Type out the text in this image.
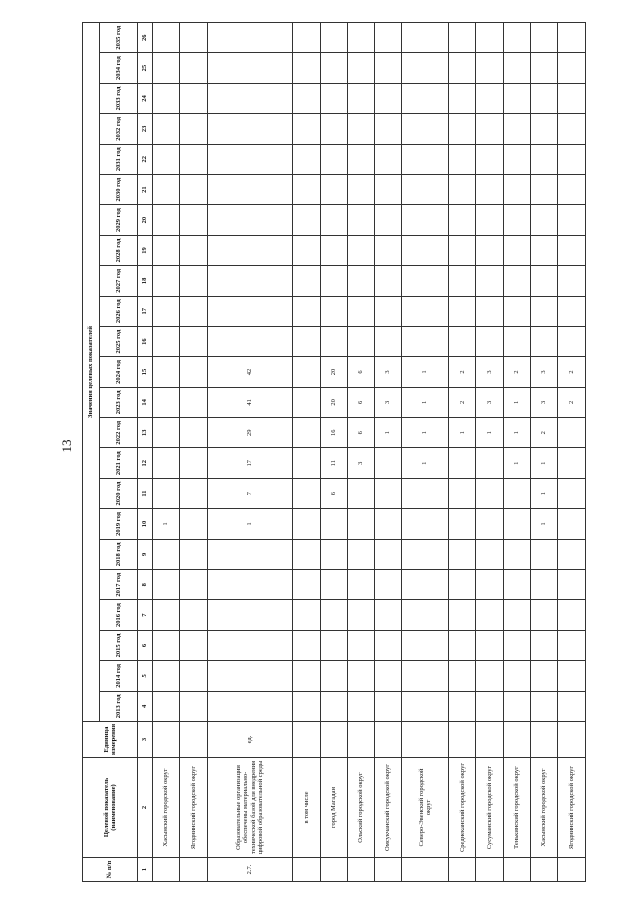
13
№ п/п	Целевой показатель (наименование)	Единица измерения	Значения целевых показателей																						
			2013 год	2014 год	2015 год	2016 год	2017 год	2018 год	2019 год	2020 год	2021 год	2022 год	2023 год	2024 год	2025 год	2026 год	2027 год	2028 год	2029 год	2030 год	2031 год	2032 год	2033 год	2034 год	2035 год
1	2	3	4	5	6	7	8	9	10	11	12	13	14	15	16	17	18	19	20	21	22	23	24	25	26
	Хасынский городской округ								1																
	Ягоднинский городской округ																								
2.7.	Образовательные организации обеспечены материально-технической базой для внедрения цифровой образовательной среды	ед.							1	7	17	29	41	42											
	в том числе																								
	город Магадан									6	11	16	20	20											
	Ольский городской округ										3	6	6	6											
	Омсукчанский городской округ											1	3	3											
	Северо-Эвенский городской округ										1	1	1	1											
	Среднеканский городской округ											1	2	2											
	Сусуманский городской округ											1	3	3											
	Тенькинский городской округ										1	1	1	2											
	Хасынский городской округ								1	1	1	2	3	3											
	Ягоднинский городской округ												2	2											
